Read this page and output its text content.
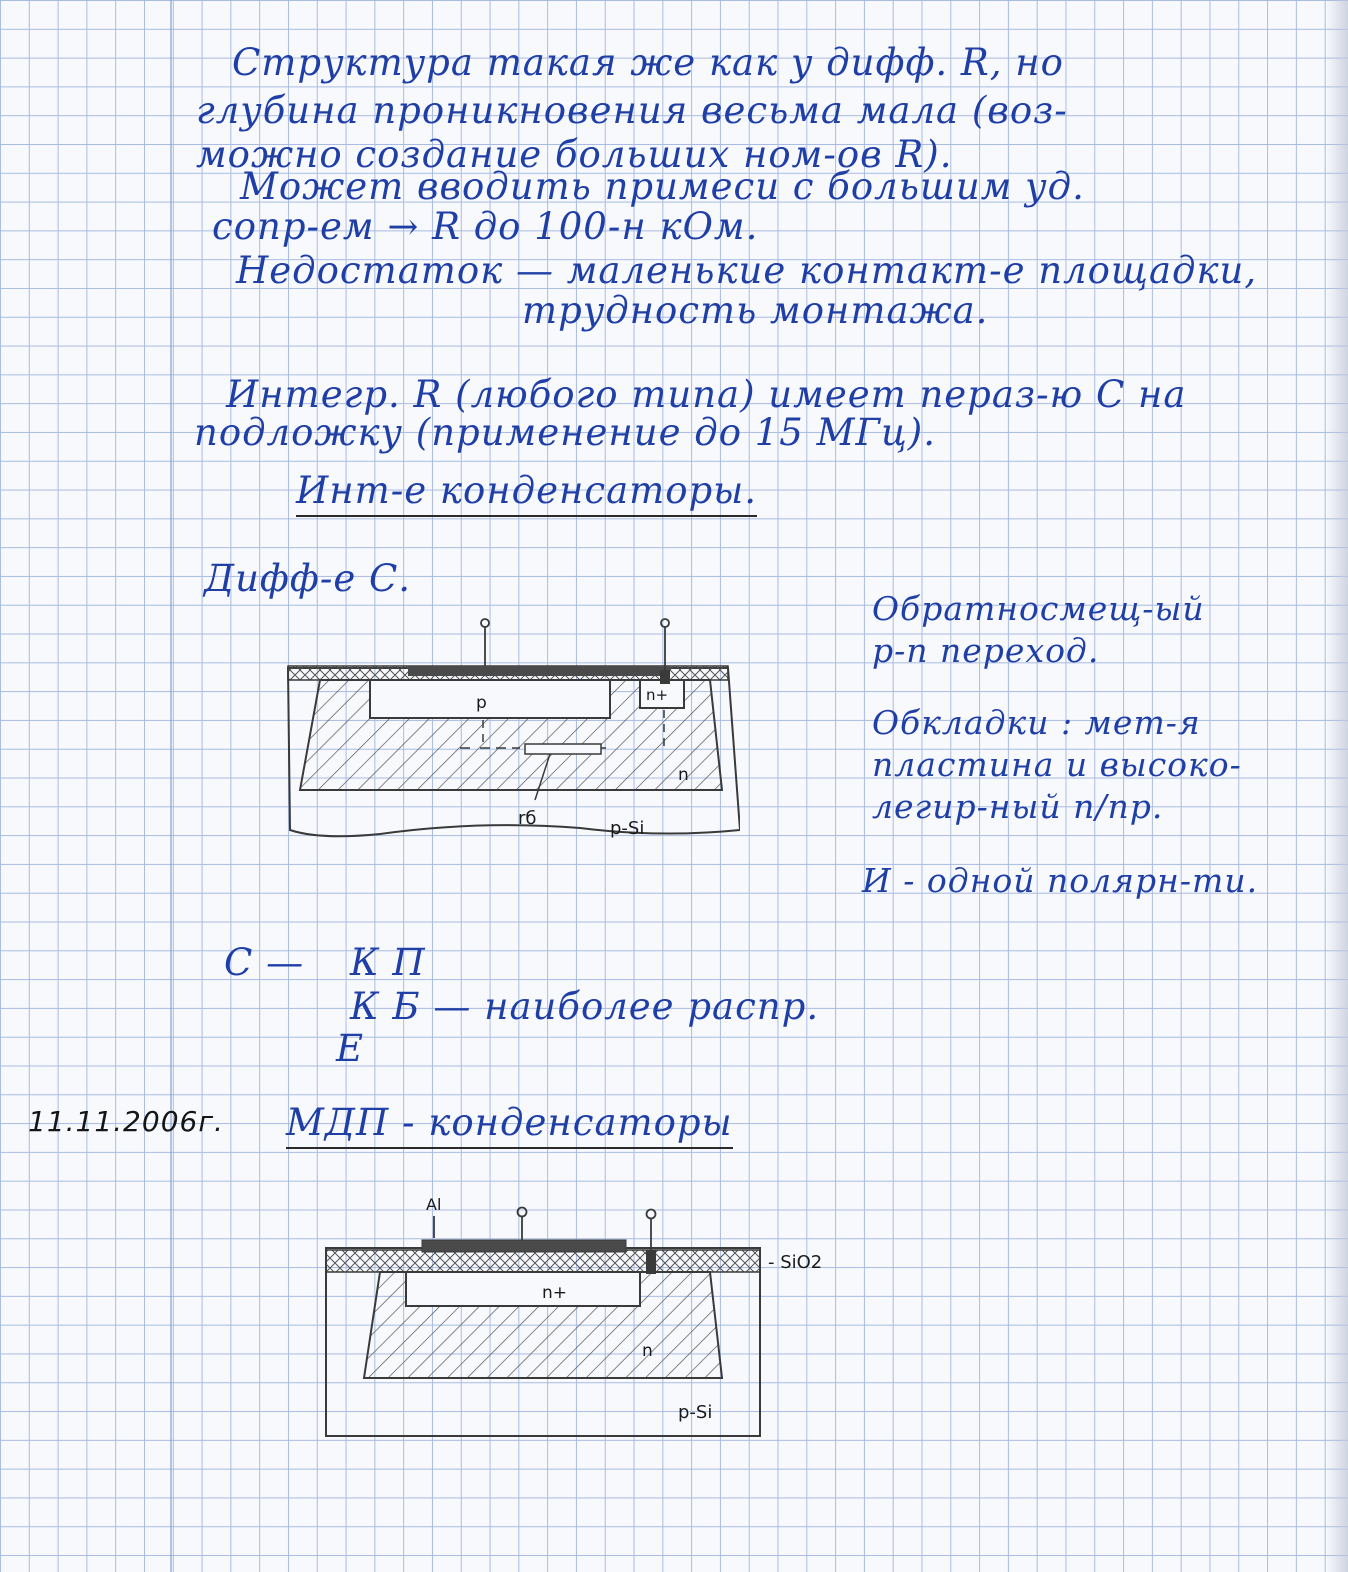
Структура такая же как у дифф. R, но
глубина проникновения весьма мала (воз-
можно создание больших ном-ов R).
Может вводить примеси с большим уд.
сопр-ем → R до 100-н кОм.
Недостаток — маленькие контакт-е площадки,
трудность монтажа.
Интегр. R (любого типа) имеет пераз-ю С на
подложку (применение до 15 МГц).
Инт-е конденсаторы.
Дифф-е С.
p	n+
n
rб	p-Si
Обратносмещ-ый
p-n переход.
Обкладки : мет-я
пластина и высоко-
легир-ный п/пр.
И - одной полярн-ти.
С — К П
К Б — наиболее распр.
Е
11.11.2006г. МДП - конденсаторы
Al
n+
n
p-Si
- SiO2
